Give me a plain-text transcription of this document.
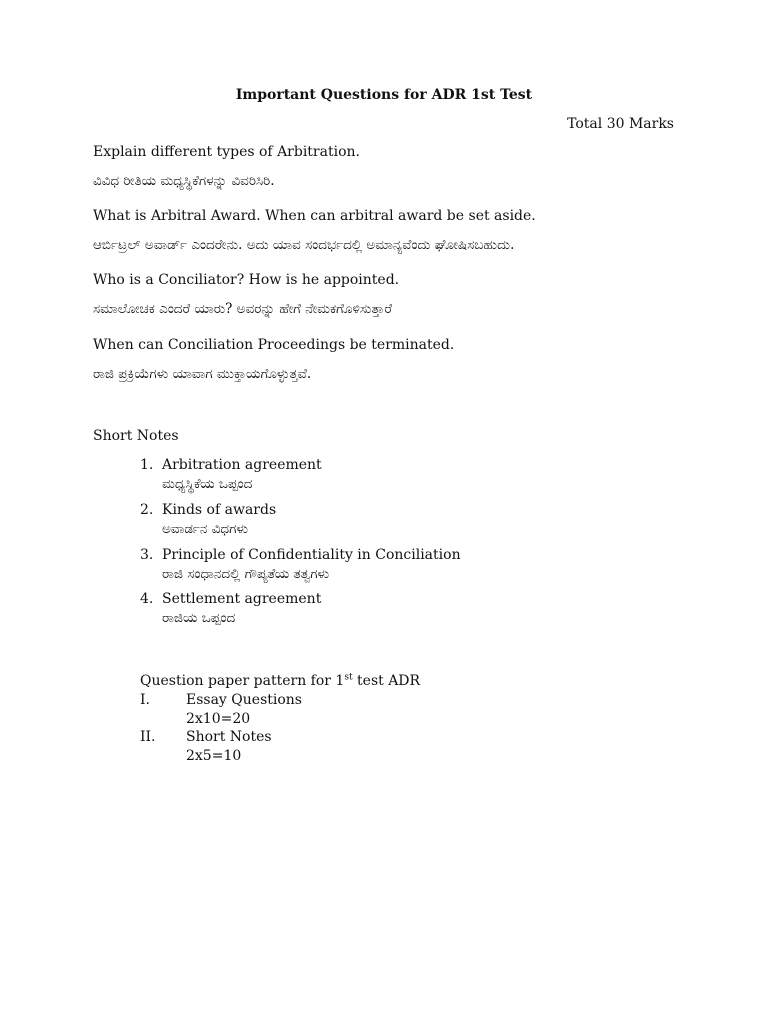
Important Questions for ADR 1st Test
Total 30 Marks
Explain different types of Arbitration.
ವಿವಿಧ ರೀತಿಯ ಮಧ್ಯಸ್ಥಿಕೆಗಳನ್ನು ವಿವರಿಸಿರಿ.
What is Arbitral Award. When can arbitral award be set aside.
ಆರ್ಬಿಟ್ರಲ್ ಅವಾರ್ಡ್ ಎಂದರೇನು. ಅದು ಯಾವ ಸಂದರ್ಭದಲ್ಲಿ ಅಮಾನ್ಯವೆಂದು ಘೋಷಿಸಬಹುದು.
Who is a Conciliator? How is he appointed.
ಸಮಾಲೋಚಕ ಎಂದರೆ ಯಾರು? ಅವರನ್ನು ಹೇಗೆ ನೇಮಕಗೊಳಿಸುತ್ತಾರೆ
When can Conciliation Proceedings be terminated.
ರಾಜಿ ಪ್ರಕ್ರಿಯೆಗಳು ಯಾವಾಗ ಮುಕ್ತಾಯಗೊಳ್ಳುತ್ತವೆ.
Short Notes
1. Arbitration agreement
ಮಧ್ಯಸ್ಥಿಕೆಯ ಒಪ್ಪಂದ
2. Kinds of awards
ಅವಾರ್ಡನ ವಿಧಗಳು
3. Principle of Confidentiality in Conciliation
ರಾಜಿ ಸಂಧಾನದಲ್ಲಿ ಗೌಪ್ಯತೆಯ ತತ್ವಗಳು
4. Settlement agreement
ರಾಜಿಯ ಒಪ್ಪಂದ
Question paper pattern for 1st test ADR
I.	Essay Questions
2x10=20
II. Short Notes
2x5=10
